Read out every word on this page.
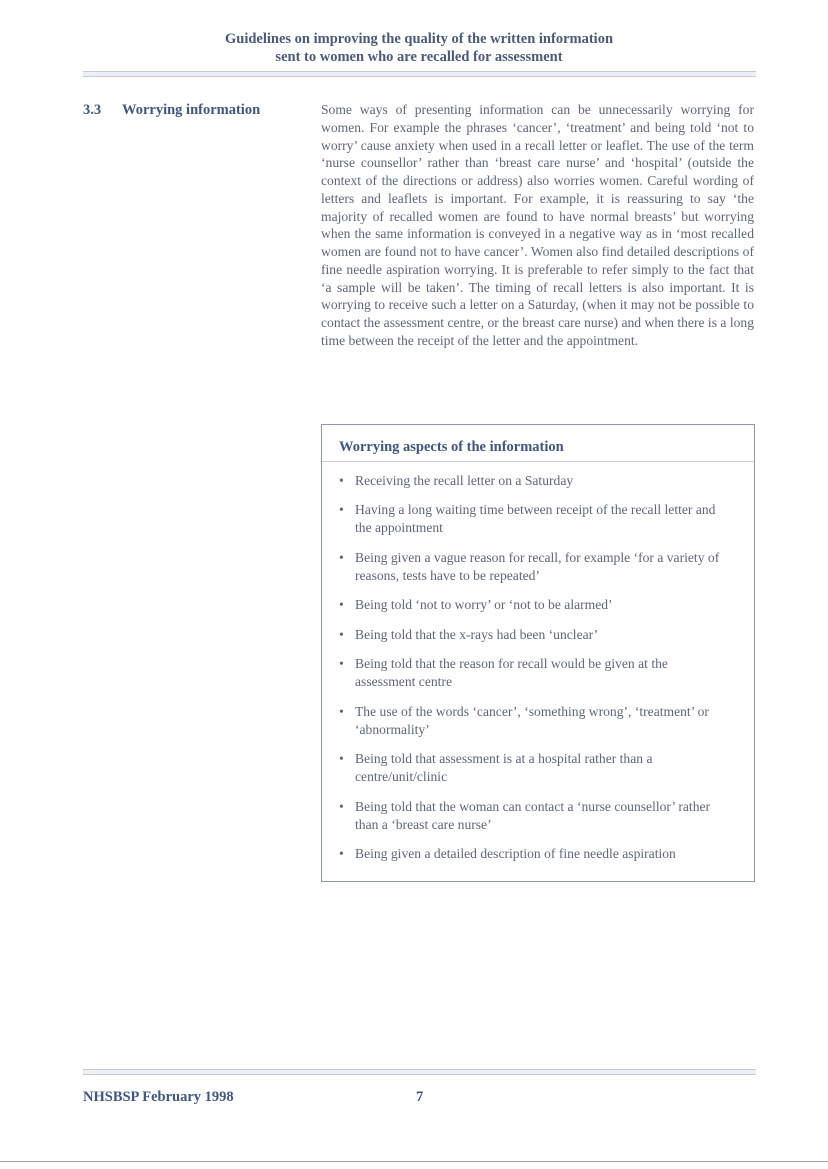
Guidelines on improving the quality of the written information
sent to women who are recalled for assessment
3.3 Worrying information	Some ways of presenting information can be unnecessarily worrying for women. For example the phrases ‘cancer’, ‘treatment’ and being told ‘not to worry’ cause anxiety when used in a recall letter or leaflet. The use of the term ‘nurse counsellor’ rather than ‘breast care nurse’ and ‘hospital’ (outside the context of the directions or address) also worries women. Careful wording of letters and leaflets is important. For example, it is reassuring to say ‘the majority of recalled women are found to have normal breasts’ but worrying when the same information is conveyed in a negative way as in ‘most recalled women are found not to have cancer’. Women also find detailed descriptions of fine needle aspiration worrying. It is preferable to refer simply to the fact that ‘a sample will be taken’. The timing of recall letters is also important. It is worrying to receive such a letter on a Saturday, (when it may not be possible to contact the assessment centre, or the breast care nurse) and when there is a long time between the receipt of the letter and the appointment.

Worrying aspects of the information
• Receiving the recall letter on a Saturday
• Having a long waiting time between receipt of the recall letter and the appointment
• Being given a vague reason for recall, for example ‘for a variety of reasons, tests have to be repeated’
• Being told ‘not to worry’ or ‘not to be alarmed’
• Being told that the x-rays had been ‘unclear’
• Being told that the reason for recall would be given at the assessment centre
• The use of the words ‘cancer’, ‘something wrong’, ‘treatment’ or ‘abnormality’
• Being told that assessment is at a hospital rather than a centre/unit/clinic
• Being told that the woman can contact a ‘nurse counsellor’ rather than a ‘breast care nurse’
• Being given a detailed description of fine needle aspiration
NHSBSP February 1998	7
